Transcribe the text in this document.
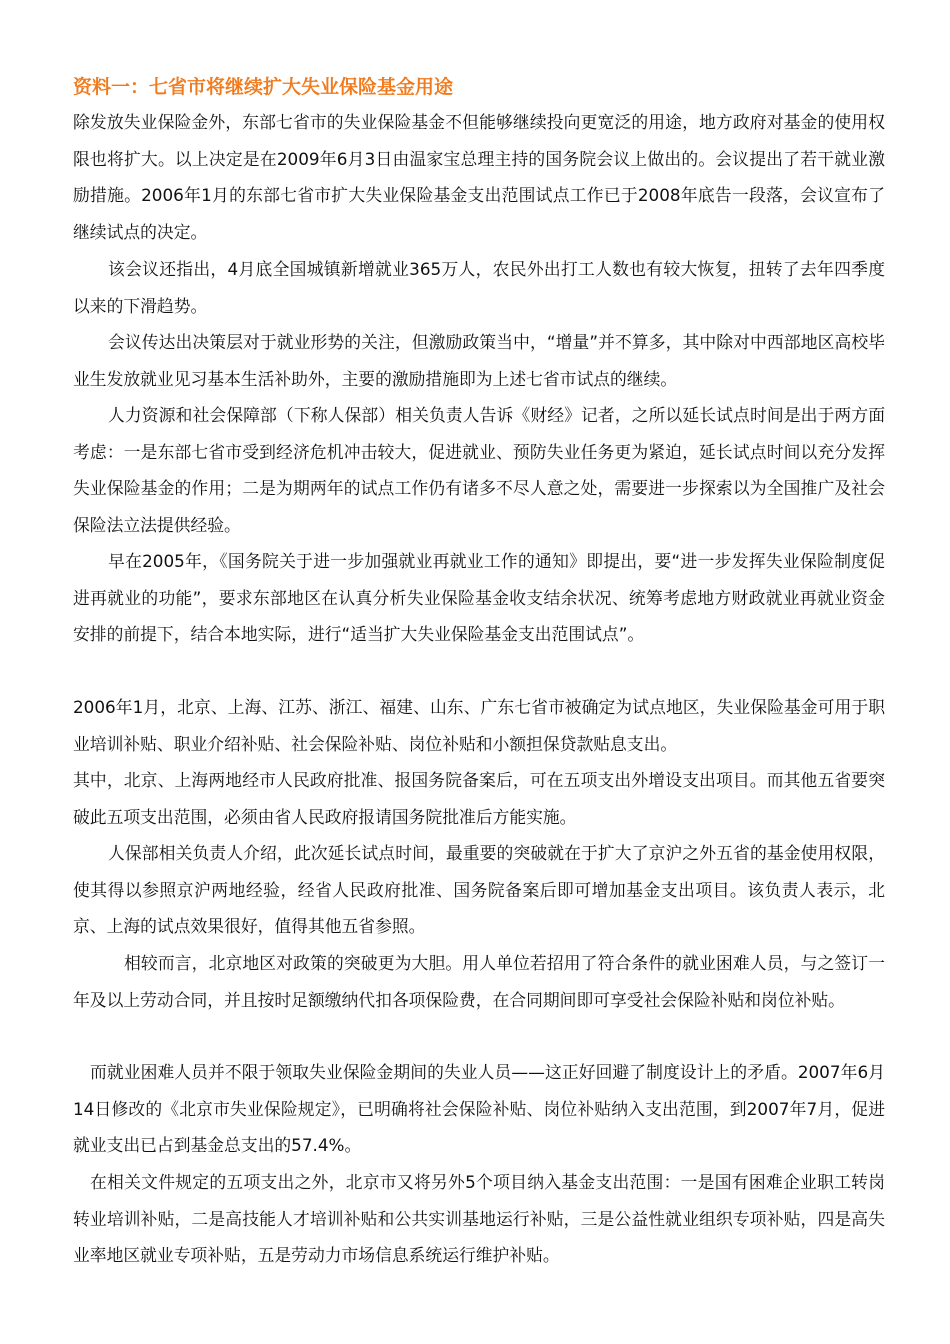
资料一：七省市将继续扩大失业保险基金用途

除发放失业保险金外，东部七省市的失业保险基金不但能够继续投向更宽泛的用途，地方政府对基金的使用权限也将扩大。以上决定是在2009年6月3日由温家宝总理主持的国务院会议上做出的。会议提出了若干就业激励措施。2006年1月的东部七省市扩大失业保险基金支出范围试点工作已于2008年底告一段落，会议宣布了继续试点的决定。

该会议还指出，4月底全国城镇新增就业365万人，农民外出打工人数也有较大恢复，扭转了去年四季度以来的下滑趋势。

会议传达出决策层对于就业形势的关注，但激励政策当中，“增量”并不算多，其中除对中西部地区高校毕业生发放就业见习基本生活补助外，主要的激励措施即为上述七省市试点的继续。

人力资源和社会保障部（下称人保部）相关负责人告诉《财经》记者，之所以延长试点时间是出于两方面考虑：一是东部七省市受到经济危机冲击较大，促进就业、预防失业任务更为紧迫，延长试点时间以充分发挥失业保险基金的作用；二是为期两年的试点工作仍有诸多不尽人意之处，需要进一步探索以为全国推广及社会保险法立法提供经验。

早在2005年，《国务院关于进一步加强就业再就业工作的通知》即提出，要“进一步发挥失业保险制度促进再就业的功能”，要求东部地区在认真分析失业保险基金收支结余状况、统筹考虑地方财政就业再就业资金安排的前提下，结合本地实际，进行“适当扩大失业保险基金支出范围试点”。

2006年1月，北京、上海、江苏、浙江、福建、山东、广东七省市被确定为试点地区，失业保险基金可用于职业培训补贴、职业介绍补贴、社会保险补贴、岗位补贴和小额担保贷款贴息支出。

其中，北京、上海两地经市人民政府批准、报国务院备案后，可在五项支出外增设支出项目。而其他五省要突破此五项支出范围，必须由省人民政府报请国务院批准后方能实施。

人保部相关负责人介绍，此次延长试点时间，最重要的突破就在于扩大了京沪之外五省的基金使用权限，使其得以参照京沪两地经验，经省人民政府批准、国务院备案后即可增加基金支出项目。该负责人表示，北京、上海的试点效果很好，值得其他五省参照。

相较而言，北京地区对政策的突破更为大胆。用人单位若招用了符合条件的就业困难人员，与之签订一年及以上劳动合同，并且按时足额缴纳代扣各项保险费，在合同期间即可享受社会保险补贴和岗位补贴。

而就业困难人员并不限于领取失业保险金期间的失业人员——这正好回避了制度设计上的矛盾。2007年6月14日修改的《北京市失业保险规定》，已明确将社会保险补贴、岗位补贴纳入支出范围，到2007年7月，促进就业支出已占到基金总支出的57.4%。

在相关文件规定的五项支出之外，北京市又将另外5个项目纳入基金支出范围：一是国有困难企业职工转岗转业培训补贴，二是高技能人才培训补贴和公共实训基地运行补贴，三是公益性就业组织专项补贴，四是高失业率地区就业专项补贴，五是劳动力市场信息系统运行维护补贴。
